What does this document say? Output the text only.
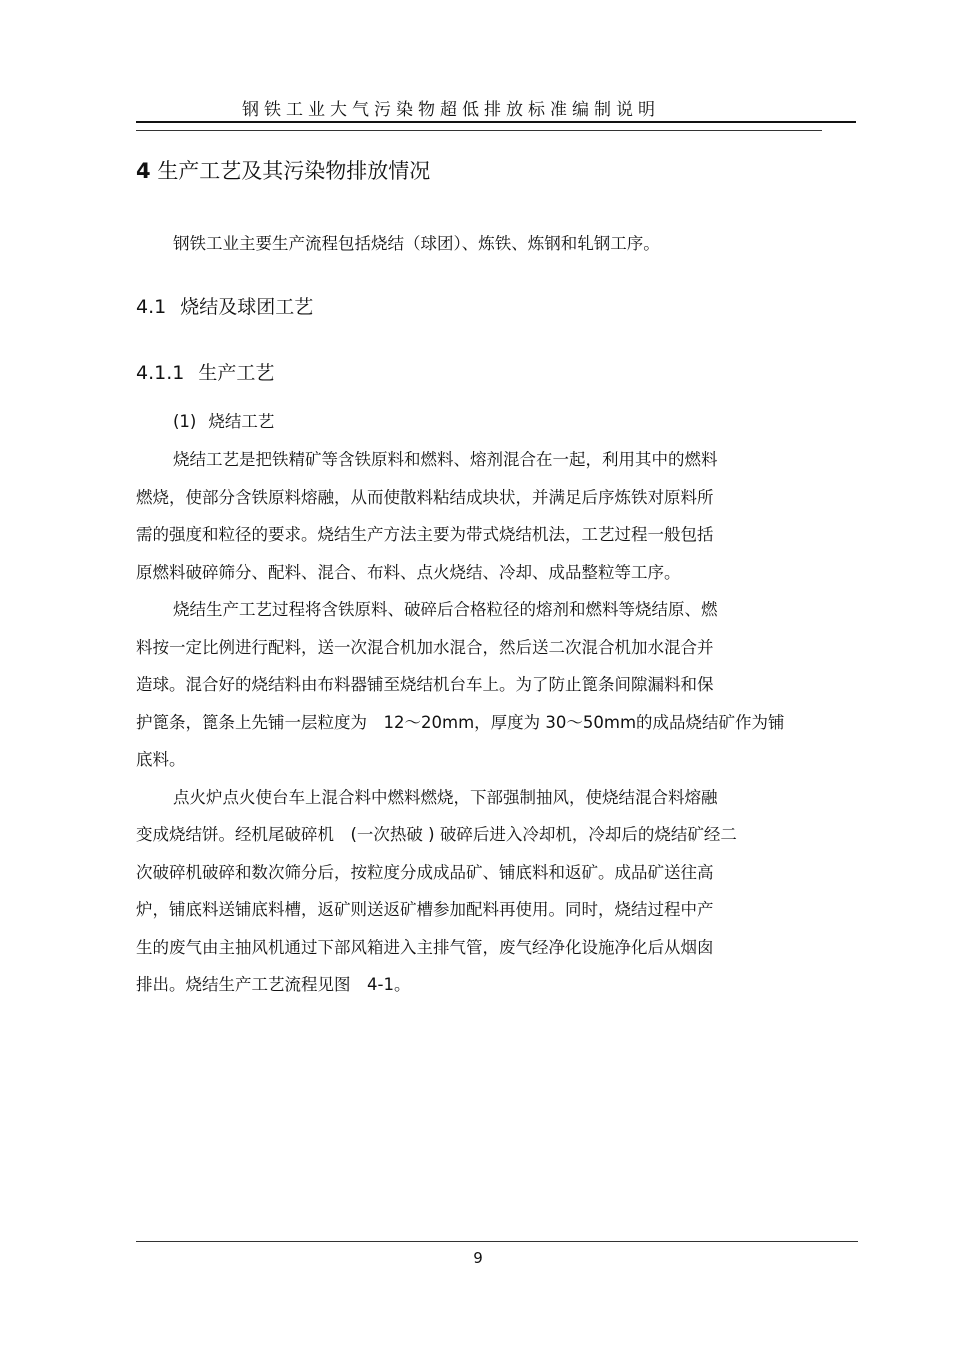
钢铁工业大气污染物超低排放标准编制说明
4 生产工艺及其污染物排放情况
钢铁工业主要生产流程包括烧结（球团）、炼铁、炼钢和轧钢工序。
4.1 烧结及球团工艺
4.1.1 生产工艺
(1) 烧结工艺
烧结工艺是把铁精矿等含铁原料和燃料、熔剂混合在一起，利用其中的燃料
燃烧，使部分含铁原料熔融，从而使散料粘结成块状，并满足后序炼铁对原料所
需的强度和粒径的要求。烧结生产方法主要为带式烧结机法，工艺过程一般包括
原燃料破碎筛分、配料、混合、布料、点火烧结、冷却、成品整粒等工序。
烧结生产工艺过程将含铁原料、破碎后合格粒径的熔剂和燃料等烧结原、燃
料按一定比例进行配料，送一次混合机加水混合，然后送二次混合机加水混合并
造球。混合好的烧结料由布料器铺至烧结机台车上。为了防止篦条间隙漏料和保
护篦条，篦条上先铺一层粒度为　12～20mm，厚度为 30～50mm的成品烧结矿作为铺
底料。
点火炉点火使台车上混合料中燃料燃烧，下部强制抽风，使烧结混合料熔融
变成烧结饼。经机尾破碎机　(一次热破 ) 破碎后进入冷却机，冷却后的烧结矿经二
次破碎机破碎和数次筛分后，按粒度分成成品矿、铺底料和返矿。成品矿送往高
炉，铺底料送铺底料槽，返矿则送返矿槽参加配料再使用。同时，烧结过程中产
生的废气由主抽风机通过下部风箱进入主排气管，废气经净化设施净化后从烟囱
排出。烧结生产工艺流程见图　4-1。
9
